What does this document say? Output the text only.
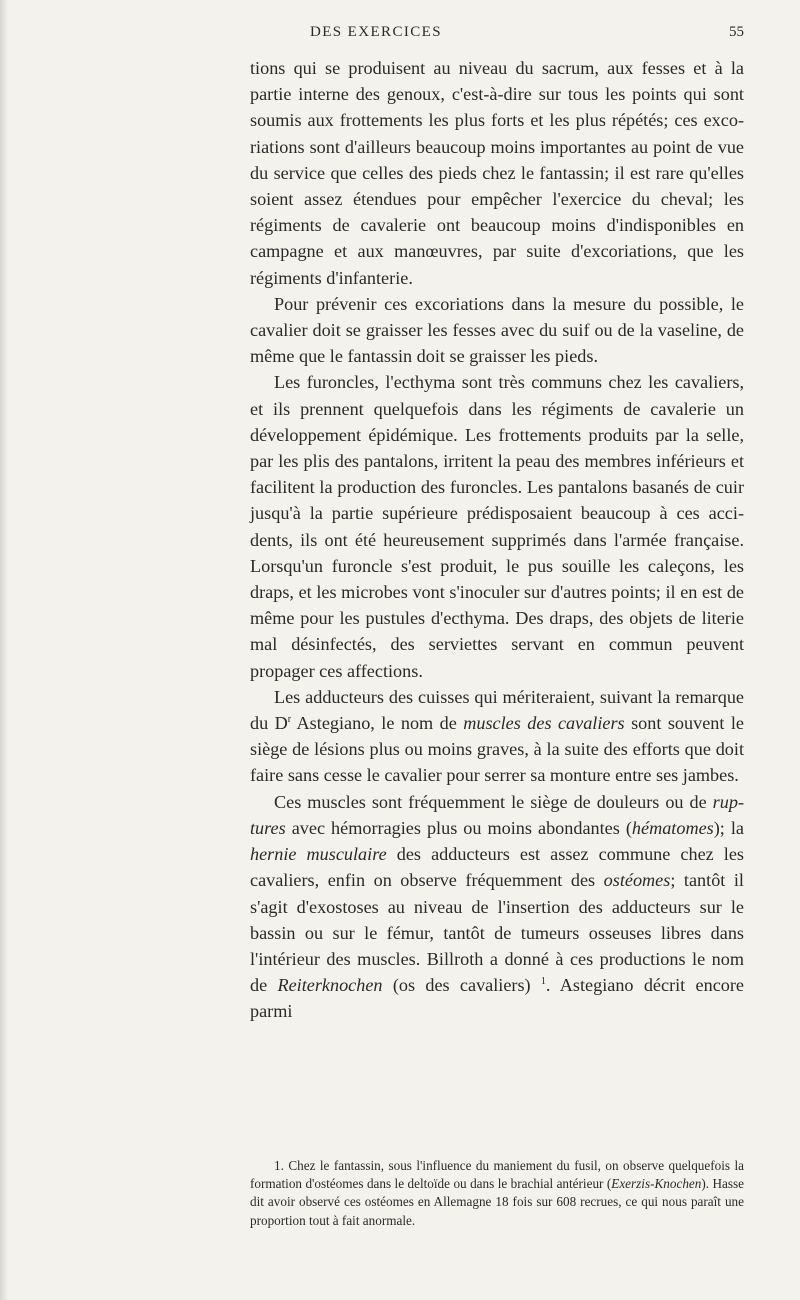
DES EXERCICES	55

tions qui se produisent au niveau du sacrum, aux fesses et à la partie interne des genoux, c'est-à-dire sur tous les points qui sont soumis aux frottements les plus forts et les plus répétés; ces excoriations sont d'ailleurs beaucoup moins importantes au point de vue du service que celles des pieds chez le fantassin; il est rare qu'elles soient assez étendues pour empêcher l'exercice du cheval; les régiments de cavalerie ont beaucoup moins d'indisponibles en campagne et aux manœuvres, par suite d'excoriations, que les régiments d'infanterie.

Pour prévenir ces excoriations dans la mesure du possible, le cavalier doit se graisser les fesses avec du suif ou de la vaseline, de même que le fantassin doit se graisser les pieds.

Les furoncles, l'ecthyma sont très communs chez les cavaliers, et ils prennent quelquefois dans les régiments de cavalerie un développement épidémique. Les frottements produits par la selle, par les plis des pantalons, irritent la peau des membres inférieurs et facilitent la production des furoncles. Les pantalons basanés de cuir jusqu'à la partie supérieure prédisposaient beaucoup à ces accidents, ils ont été heureusement supprimés dans l'armée française. Lorsqu'un furoncle s'est produit, le pus souille les caleçons, les draps, et les microbes vont s'inoculer sur d'autres points; il en est de même pour les pustules d'ecthyma. Des draps, des objets de literie mal désinfectés, des serviettes servant en commun peuvent propager ces affections.

Les adducteurs des cuisses qui mériteraient, suivant la remarque du $D^r$ Astegiano, le nom de muscles des cavaliers sont souvent le siège de lésions plus ou moins graves, à la suite des efforts que doit faire sans cesse le cavalier pour serrer sa monture entre ses jambes.

Ces muscles sont fréquemment le siège de douleurs ou de ruptures avec hémorragies plus ou moins abondantes (hématomes); la hernie musculaire des adducteurs est assez commune chez les cavaliers, enfin on observe fréquemment des ostéomes; tantôt il s'agit d'exostoses au niveau de l'insertion des adducteurs sur le bassin ou sur le fémur, tantôt de tumeurs osseuses libres dans l'intérieur des muscles. Billroth a donné à ces productions le nom de Reiterknochen (os des cavaliers) $^1$. Astegiano décrit encore parmi

1. Chez le fantassin, sous l'influence du maniement du fusil, on observe quelquefois la formation d'ostéomes dans le deltoïde ou dans le brachial antérieur (Exerzis-Knochen). Hasse dit avoir observé ces ostéomes en Allemagne 18 fois sur 608 recrues, ce qui nous paraît une proportion tout à fait anormale.
